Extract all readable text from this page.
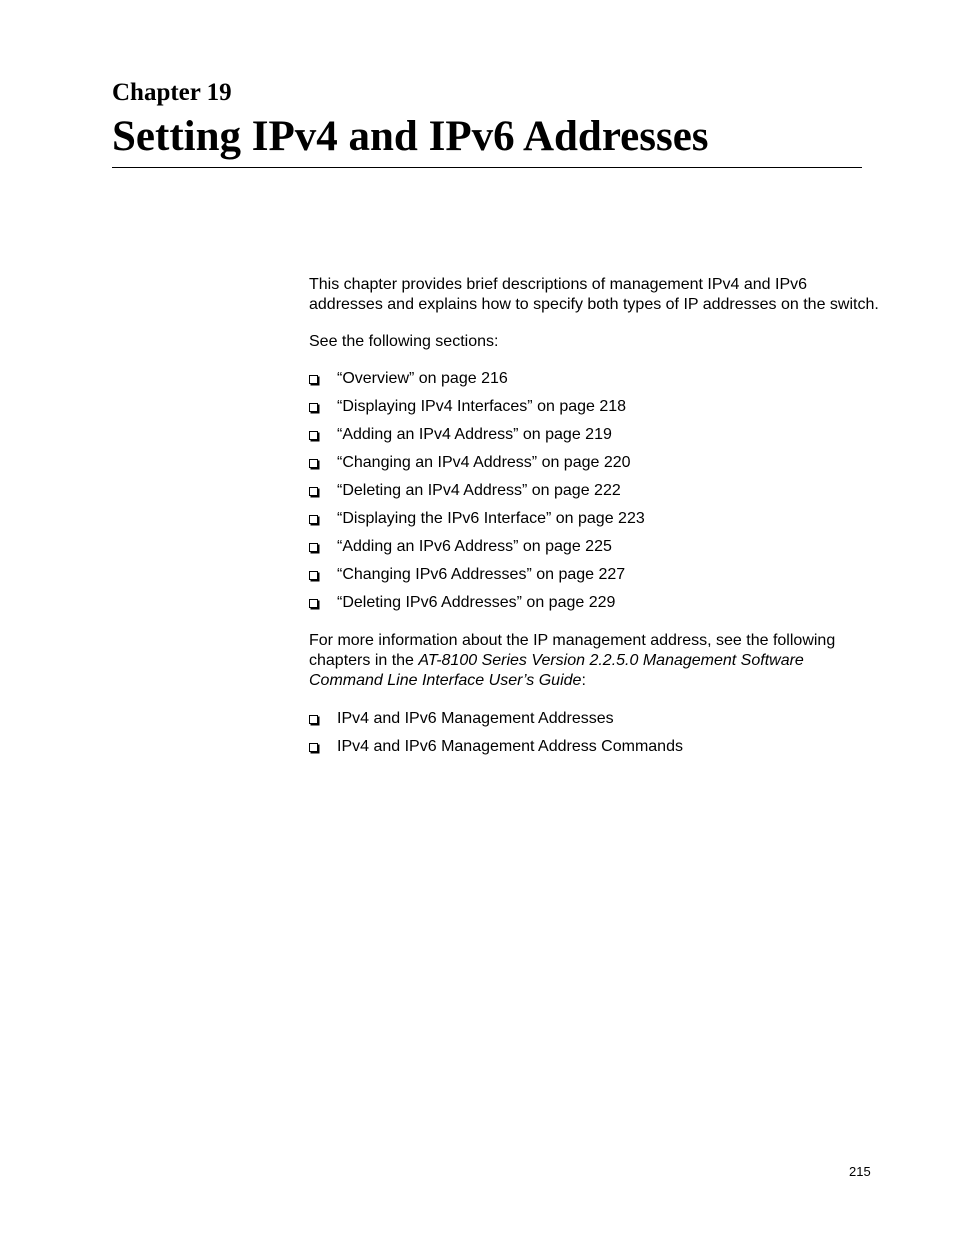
Chapter 19
Setting IPv4 and IPv6 Addresses

This chapter provides brief descriptions of management IPv4 and IPv6 addresses and explains how to specify both types of IP addresses on the switch.

See the following sections:

“Overview” on page 216
“Displaying IPv4 Interfaces” on page 218
“Adding an IPv4 Address” on page 219
“Changing an IPv4 Address” on page 220
“Deleting an IPv4 Address” on page 222
“Displaying the IPv6 Interface” on page 223
“Adding an IPv6 Address” on page 225
“Changing IPv6 Addresses” on page 227
“Deleting IPv6 Addresses” on page 229

For more information about the IP management address, see the following chapters in the AT-8100 Series Version 2.2.5.0 Management Software Command Line Interface User’s Guide:

IPv4 and IPv6 Management Addresses
IPv4 and IPv6 Management Address Commands
215
